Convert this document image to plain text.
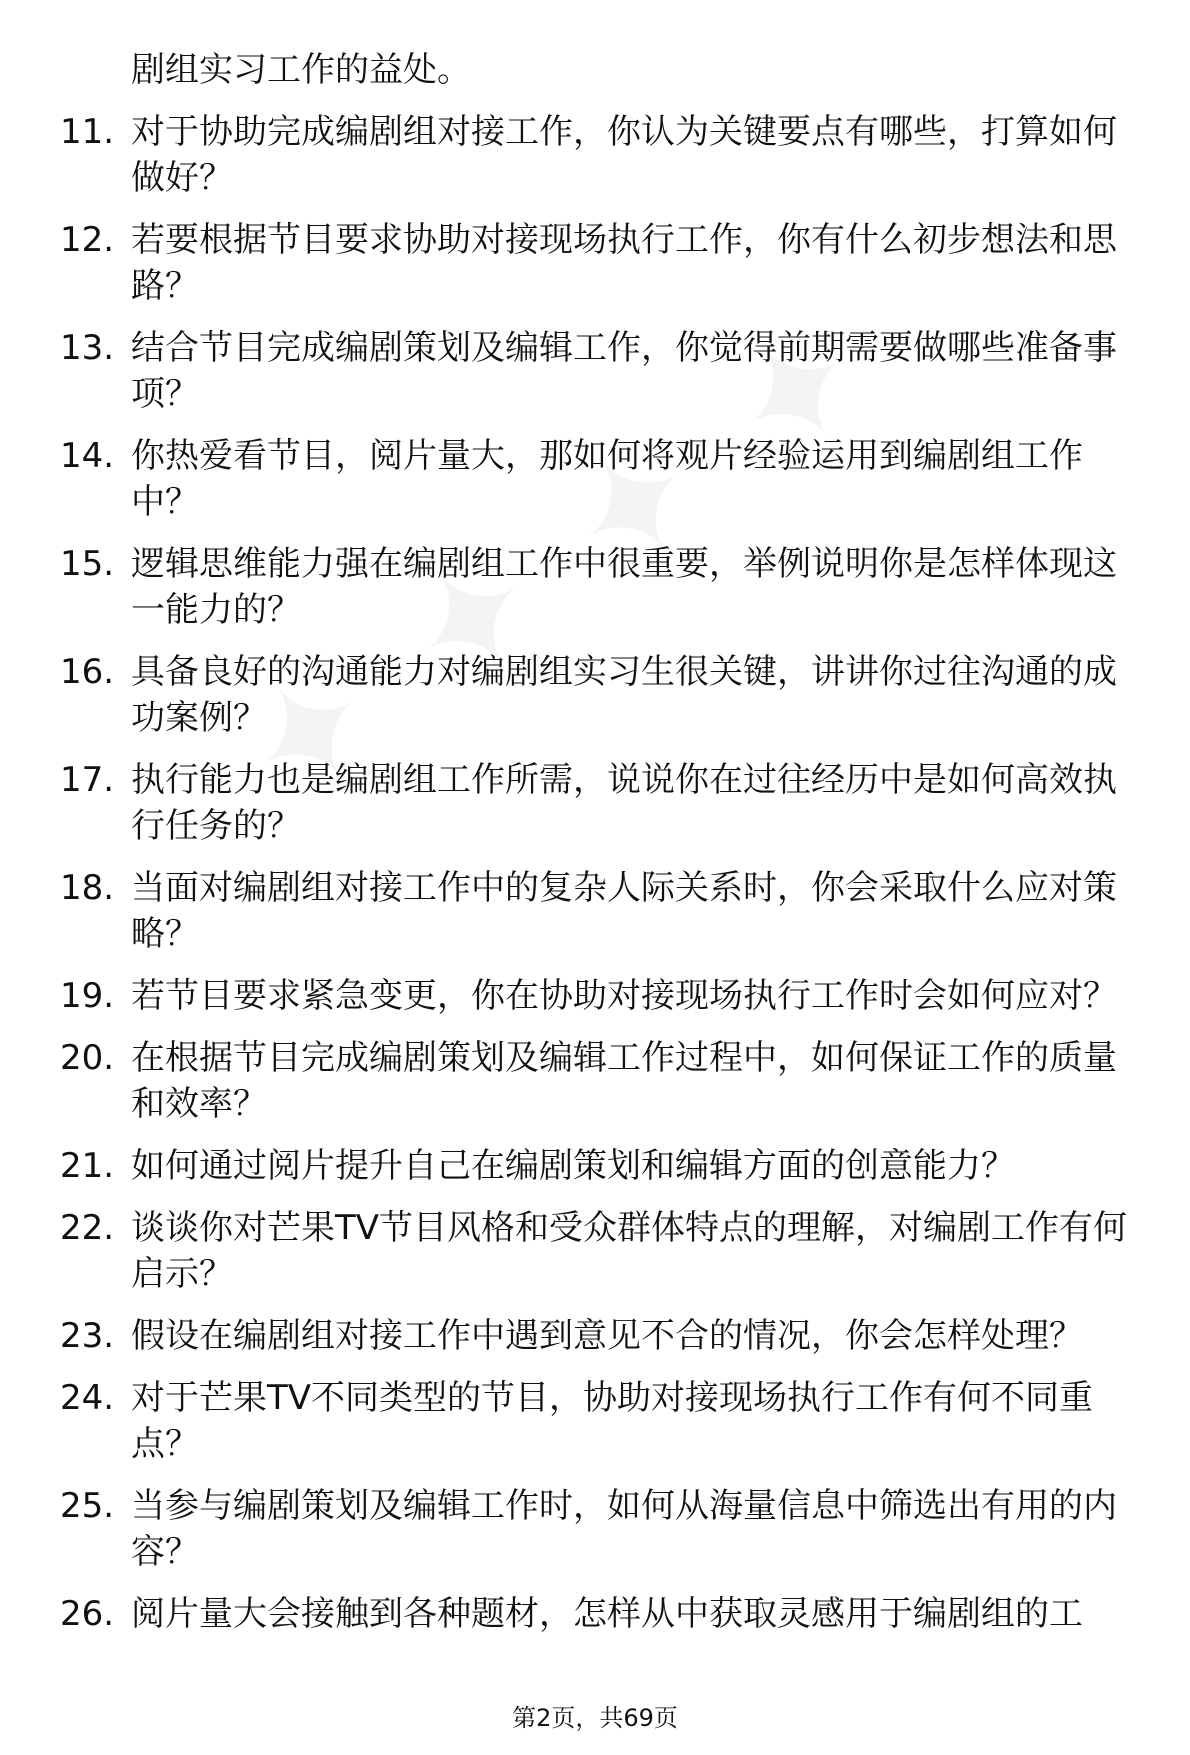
剧组实习工作的益处。
11. 对于协助完成编剧组对接工作，你认为关键要点有哪些，打算如何做好？
12. 若要根据节目要求协助对接现场执行工作，你有什么初步想法和思路？
13. 结合节目完成编剧策划及编辑工作，你觉得前期需要做哪些准备事项？
14. 你热爱看节目，阅片量大，那如何将观片经验运用到编剧组工作中？
15. 逻辑思维能力强在编剧组工作中很重要，举例说明你是怎样体现这一能力的？
16. 具备良好的沟通能力对编剧组实习生很关键，讲讲你过往沟通的成功案例？
17. 执行能力也是编剧组工作所需，说说你在过往经历中是如何高效执行任务的？
18. 当面对编剧组对接工作中的复杂人际关系时，你会采取什么应对策略？
19. 若节目要求紧急变更，你在协助对接现场执行工作时会如何应对？
20. 在根据节目完成编剧策划及编辑工作过程中，如何保证工作的质量和效率？
21. 如何通过阅片提升自己在编剧策划和编辑方面的创意能力？
22. 谈谈你对芒果TV节目风格和受众群体特点的理解，对编剧工作有何启示？
23. 假设在编剧组对接工作中遇到意见不合的情况，你会怎样处理？
24. 对于芒果TV不同类型的节目，协助对接现场执行工作有何不同重点？
25. 当参与编剧策划及编辑工作时，如何从海量信息中筛选出有用的内容？
26. 阅片量大会接触到各种题材，怎样从中获取灵感用于编剧组的工
第2页，共69页
